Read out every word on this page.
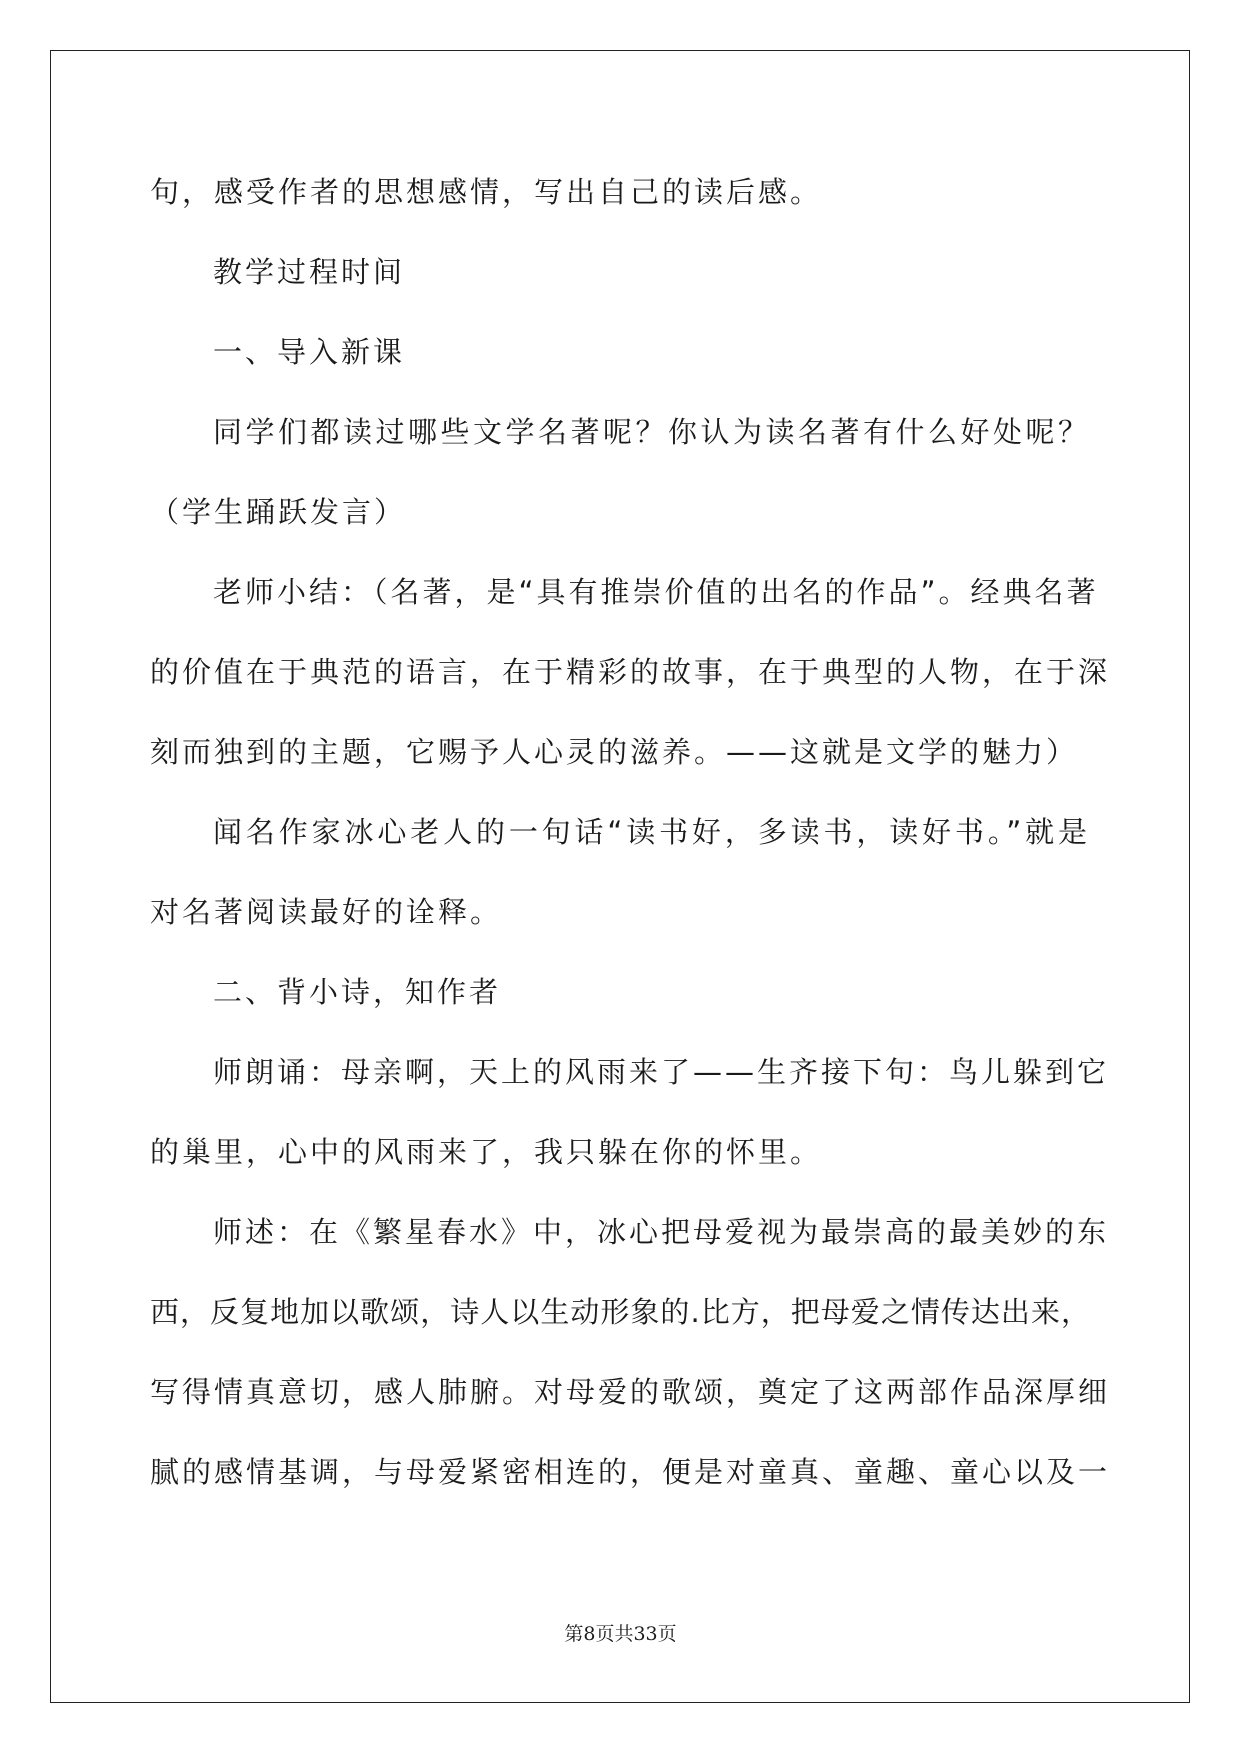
句，感受作者的思想感情，写出自己的读后感。

教学过程时间

一、导入新课

同学们都读过哪些文学名著呢？你认为读名著有什么好处呢？

（学生踊跃发言）

老师小结：（名著，是“具有推崇价值的出名的作品”。经典名著

的价值在于典范的语言，在于精彩的故事，在于典型的人物，在于深

刻而独到的主题，它赐予人心灵的滋养。——这就是文学的魅力）

闻名作家冰心老人的一句话“读书好，多读书，读好书。”就是

对名著阅读最好的诠释。

二、背小诗，知作者

师朗诵：母亲啊，天上的风雨来了——生齐接下句：鸟儿躲到它

的巢里，心中的风雨来了，我只躲在你的怀里。

师述：在《繁星春水》中，冰心把母爱视为最崇高的最美妙的东

西，反复地加以歌颂，诗人以生动形象的.比方，把母爱之情传达出来，

写得情真意切，感人肺腑。对母爱的歌颂，奠定了这两部作品深厚细

腻的感情基调，与母爱紧密相连的，便是对童真、童趣、童心以及一

第8页共33页
